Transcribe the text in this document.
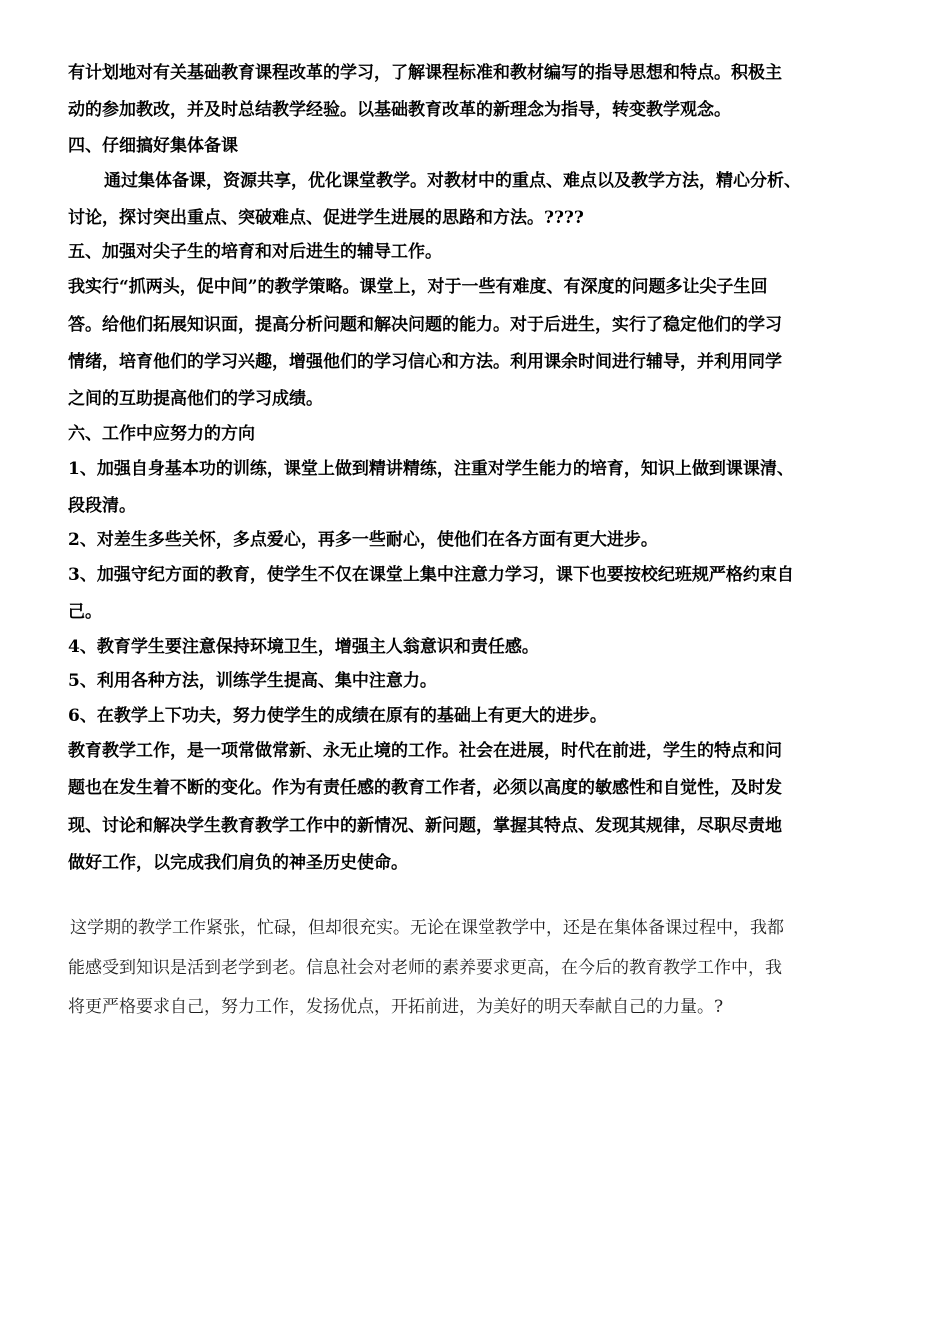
有计划地对有关基础教育课程改革的学习，了解课程标准和教材编写的指导思想和特点。积极主
动的参加教改，并及时总结教学经验。以基础教育改革的新理念为指导，转变教学观念。
四、仔细搞好集体备课
通过集体备课，资源共享，优化课堂教学。对教材中的重点、难点以及教学方法，精心分析、
讨论，探讨突出重点、突破难点、促进学生进展的思路和方法。????
五、加强对尖子生的培育和对后进生的辅导工作。
我实行“抓两头，促中间”的教学策略。课堂上，对于一些有难度、有深度的问题多让尖子生回
答。给他们拓展知识面，提高分析问题和解决问题的能力。对于后进生，实行了稳定他们的学习
情绪，培育他们的学习兴趣，增强他们的学习信心和方法。利用课余时间进行辅导，并利用同学
之间的互助提高他们的学习成绩。
六、工作中应努力的方向
1、加强自身基本功的训练，课堂上做到精讲精练，注重对学生能力的培育，知识上做到课课清、
段段清。
2、对差生多些关怀，多点爱心，再多一些耐心，使他们在各方面有更大进步。
3、加强守纪方面的教育，使学生不仅在课堂上集中注意力学习，课下也要按校纪班规严格约束自
己。
4、教育学生要注意保持环境卫生，增强主人翁意识和责任感。
5、利用各种方法，训练学生提高、集中注意力。
6、在教学上下功夫，努力使学生的成绩在原有的基础上有更大的进步。
教育教学工作，是一项常做常新、永无止境的工作。社会在进展，时代在前进，学生的特点和问
题也在发生着不断的变化。作为有责任感的教育工作者，必须以高度的敏感性和自觉性，及时发
现、讨论和解决学生教育教学工作中的新情况、新问题，掌握其特点、发现其规律，尽职尽责地
做好工作，以完成我们肩负的神圣历史使命。
这学期的教学工作紧张，忙碌，但却很充实。无论在课堂教学中，还是在集体备课过程中，我都
能感受到知识是活到老学到老。信息社会对老师的素养要求更高，在今后的教育教学工作中，我
将更严格要求自己，努力工作，发扬优点，开拓前进，为美好的明天奉献自己的力量。?
